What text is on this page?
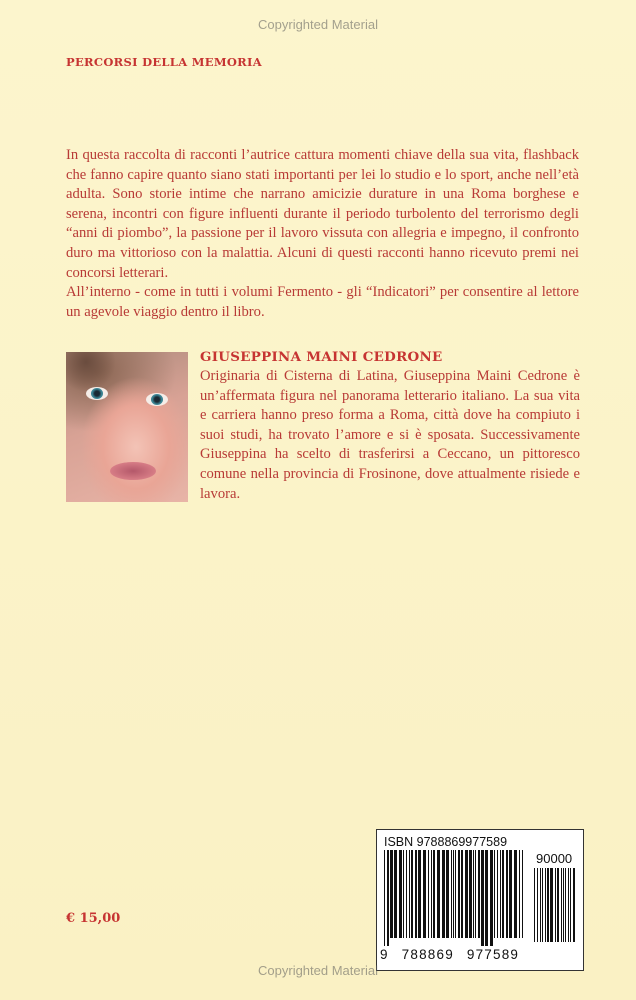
Copyrighted Material
PERCORSI DELLA MEMORIA

In questa raccolta di racconti l’autrice cattura momenti chiave della sua vita, flashback che fanno capire quanto siano stati importanti per lei lo studio e lo sport, anche nell’età adulta. Sono storie intime che narrano amicizie durature in una Roma borghese e serena, incontri con figure influenti durante il periodo turbolento del terrorismo degli “anni di piombo”, la passione per il lavoro vissuta con allegria e impegno, il confronto duro ma vittorioso con la malattia. Alcuni di questi racconti hanno ricevuto premi nei concorsi letterari.

All’interno - come in tutti i volumi Fermento - gli “Indicatori” per consentire al lettore un agevole viaggio dentro il libro.

GIUSEPPINA MAINI CEDRONE
Originaria di Cisterna di Latina, Giuseppina Maini Cedrone è un’affermata figura nel panorama letterario italiano. La sua vita e carriera hanno preso forma a Roma, città dove ha compiuto i suoi studi, ha trovato l’amore e si è sposata. Successivamente Giuseppina ha scelto di trasferirsi a Ceccano, un pittoresco comune nella provincia di Frosinone, dove attualmente risiede e lavora.
€ 15,00
ISBN 9788869977589
90000
9 788869 977589
Copyrighted Material
